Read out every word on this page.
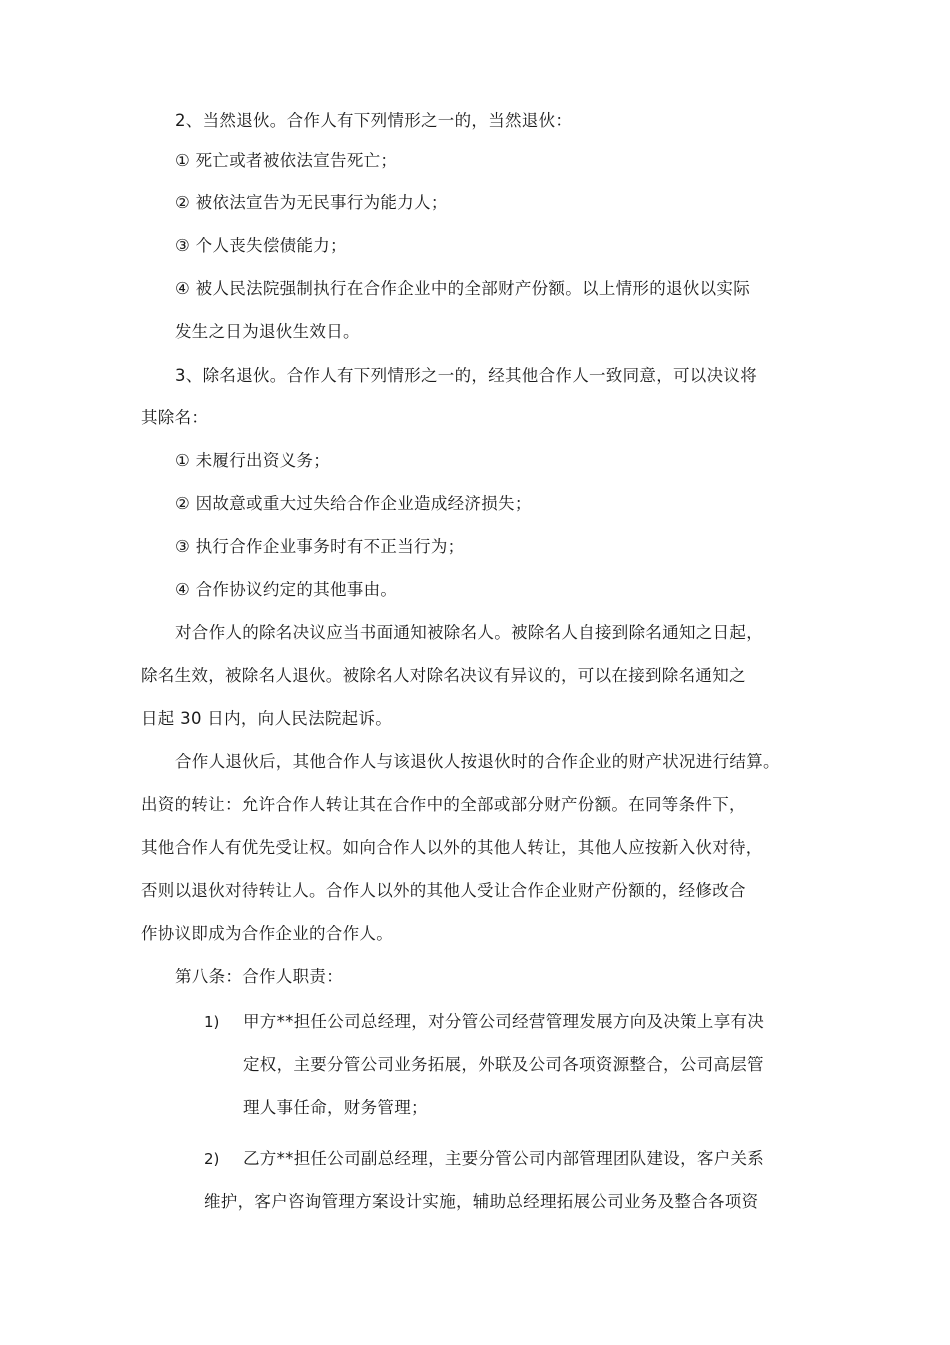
2、当然退伙。合作人有下列情形之一的，当然退伙：
① 死亡或者被依法宣告死亡；
② 被依法宣告为无民事行为能力人；
③ 个人丧失偿债能力；
④ 被人民法院强制执行在合作企业中的全部财产份额。以上情形的退伙以实际
发生之日为退伙生效日。
3、除名退伙。合作人有下列情形之一的，经其他合作人一致同意，可以决议将
其除名：
① 未履行出资义务；
② 因故意或重大过失给合作企业造成经济损失；
③ 执行合作企业事务时有不正当行为；
④ 合作协议约定的其他事由。
对合作人的除名决议应当书面通知被除名人。被除名人自接到除名通知之日起，
除名生效，被除名人退伙。被除名人对除名决议有异议的，可以在接到除名通知之
日起 30 日内，向人民法院起诉。
合作人退伙后，其他合作人与该退伙人按退伙时的合作企业的财产状况进行结算。
出资的转让：允许合作人转让其在合作中的全部或部分财产份额。在同等条件下，
其他合作人有优先受让权。如向合作人以外的其他人转让，其他人应按新入伙对待，
否则以退伙对待转让人。合作人以外的其他人受让合作企业财产份额的，经修改合
作协议即成为合作企业的合作人。
第八条：合作人职责：
1) 甲方**担任公司总经理，对分管公司经营管理发展方向及决策上享有决
定权，主要分管公司业务拓展，外联及公司各项资源整合，公司高层管
理人事任命，财务管理；
2) 乙方**担任公司副总经理，主要分管公司内部管理团队建设，客户关系
维护，客户咨询管理方案设计实施，辅助总经理拓展公司业务及整合各项资
